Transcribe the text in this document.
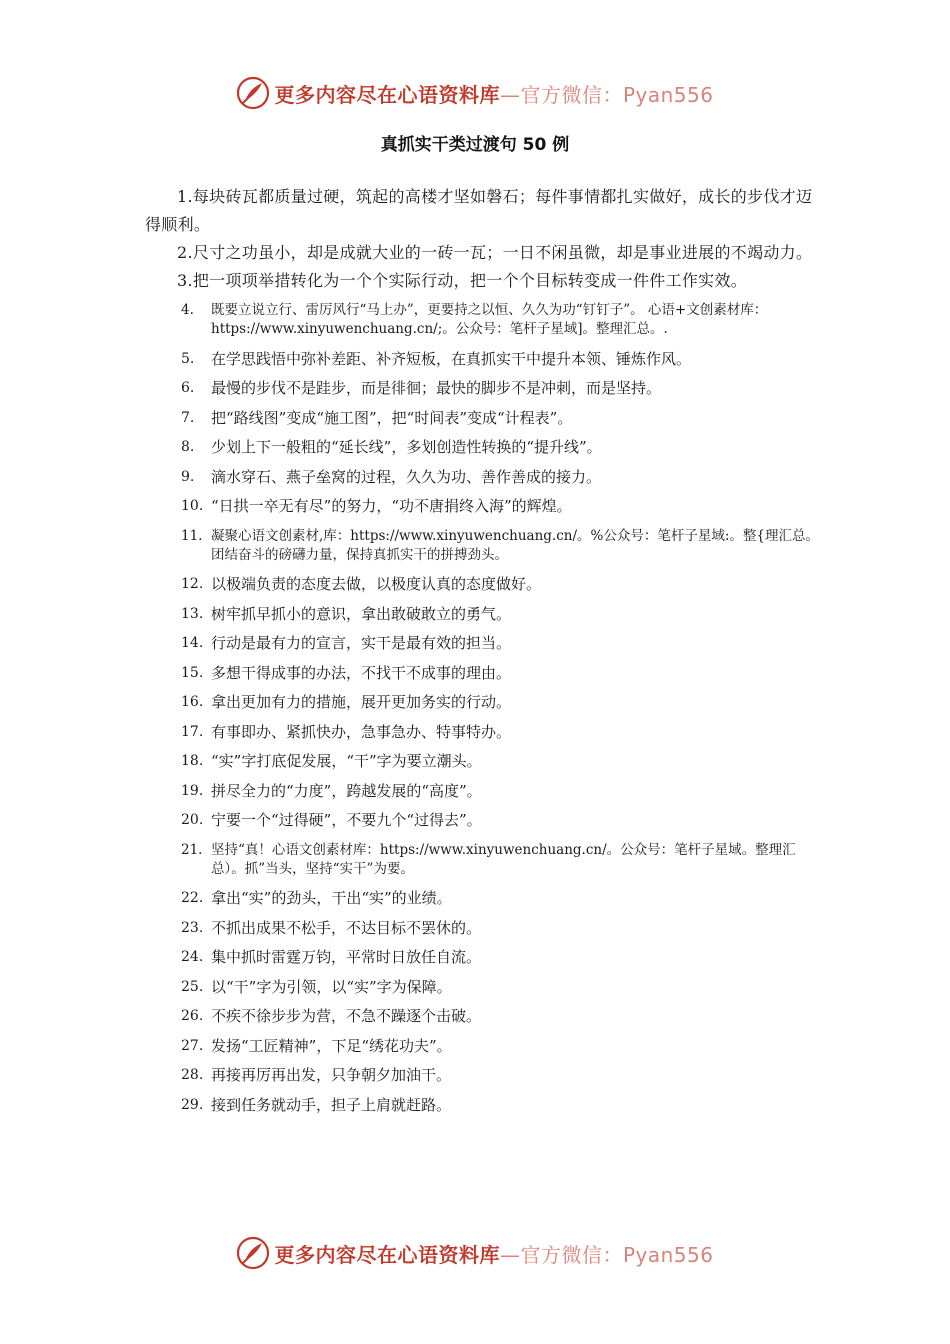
更多内容尽在心语资料库—官方微信：Pyan556
真抓实干类过渡句 50 例

1.每块砖瓦都质量过硬，筑起的高楼才坚如磐石；每件事情都扎实做好，成长的步伐才迈得顺利。

2.尺寸之功虽小，却是成就大业的一砖一瓦；一日不闲虽微，却是事业进展的不竭动力。

3.把一项项举措转化为一个个实际行动，把一个个目标转变成一件件工作实效。

4. 既要立说立行、雷厉风行“马上办”，更要持之以恒、久久为功“钉钉子”。 心语+文创素材库：https://www.xinyuwenchuang.cn/;。公众号：笔杆子星域]。整理汇总。.
5. 在学思践悟中弥补差距、补齐短板，在真抓实干中提升本领、锤炼作风。
6. 最慢的步伐不是跬步，而是徘徊；最快的脚步不是冲刺，而是坚持。
7. 把“路线图”变成“施工图”，把“时间表”变成“计程表”。
8. 少划上下一般粗的“延长线”，多划创造性转换的“提升线”。
9. 滴水穿石、燕子垒窝的过程，久久为功、善作善成的接力。
10. “日拱一卒无有尽”的努力，“功不唐捐终入海”的辉煌。
11. 凝聚心语文创素材,库：https://www.xinyuwenchuang.cn/。%公众号：笔杆子星域:。整{理汇总。团结奋斗的磅礴力量，保持真抓实干的拼搏劲头。
12. 以极端负责的态度去做，以极度认真的态度做好。
13. 树牢抓早抓小的意识，拿出敢破敢立的勇气。
14. 行动是最有力的宣言，实干是最有效的担当。
15. 多想干得成事的办法，不找干不成事的理由。
16. 拿出更加有力的措施，展开更加务实的行动。
17. 有事即办、紧抓快办，急事急办、特事特办。
18. “实”字打底促发展，“干”字为要立潮头。
19. 拼尽全力的“力度”，跨越发展的“高度”。
20. 宁要一个“过得硬”，不要九个“过得去”。
21. 坚持“真！心语文创素材库：https://www.xinyuwenchuang.cn/。公众号：笔杆子星域。整理汇总）。抓”当头，坚持“实干”为要。
22. 拿出“实”的劲头，干出“实”的业绩。
23. 不抓出成果不松手，不达目标不罢休的。
24. 集中抓时雷霆万钧，平常时日放任自流。
25. 以“干”字为引领，以“实”字为保障。
26. 不疾不徐步步为营，不急不躁逐个击破。
27. 发扬“工匠精神”，下足“绣花功夫”。
28. 再接再厉再出发，只争朝夕加油干。
29. 接到任务就动手，担子上肩就赶路。
更多内容尽在心语资料库—官方微信：Pyan556
